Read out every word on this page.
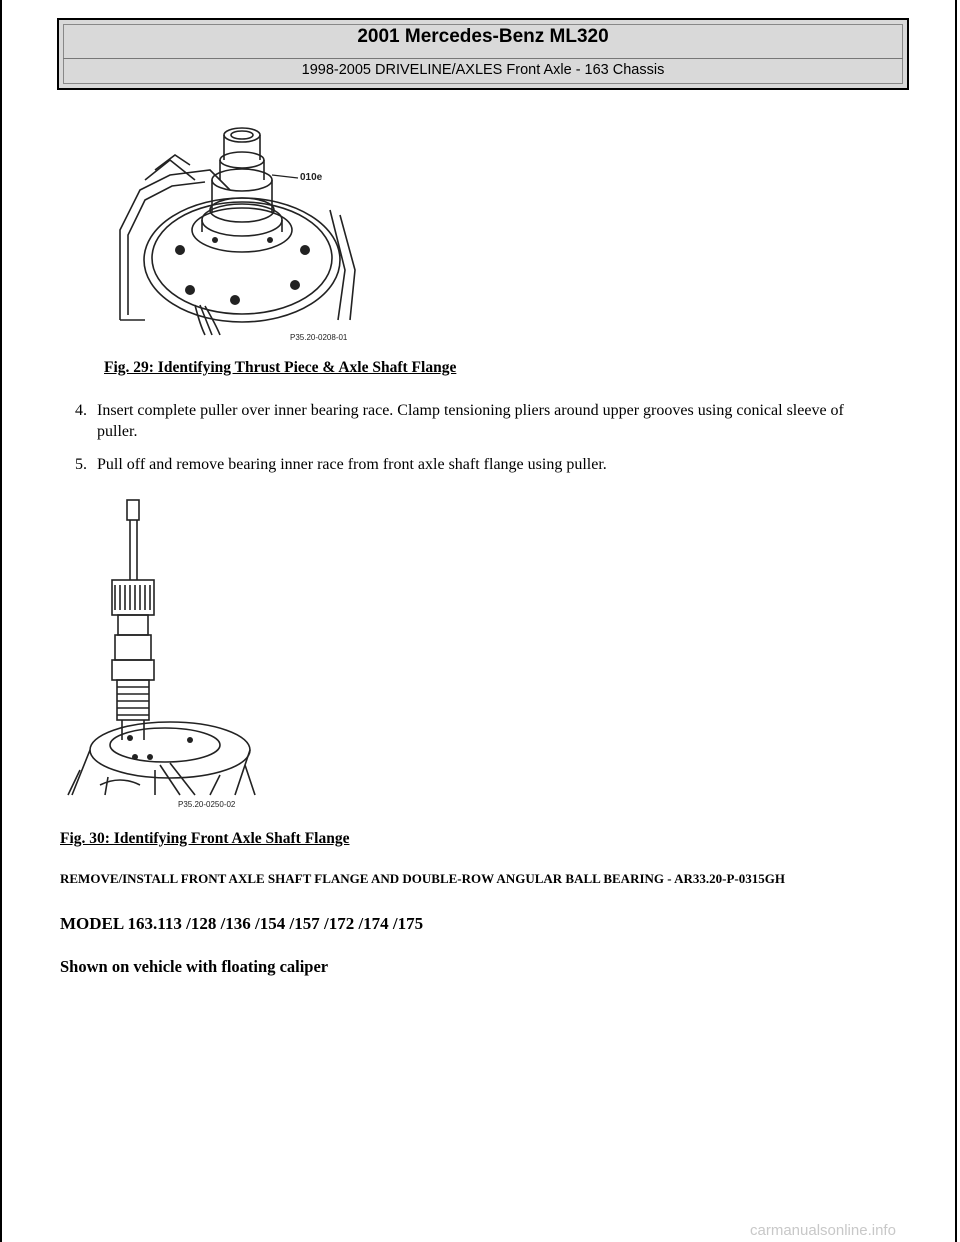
2001 Mercedes-Benz ML320
1998-2005 DRIVELINE/AXLES Front Axle - 163 Chassis
010e
P35.20-0208-01
Fig. 29: Identifying Thrust Piece & Axle Shaft Flange
4. Insert complete puller over inner bearing race. Clamp tensioning pliers around upper grooves using conical sleeve of puller.
5. Pull off and remove bearing inner race from front axle shaft flange using puller.
P35.20-0250-02
Fig. 30: Identifying Front Axle Shaft Flange
REMOVE/INSTALL FRONT AXLE SHAFT FLANGE AND DOUBLE-ROW ANGULAR BALL BEARING - AR33.20-P-0315GH
MODEL 163.113 /128 /136 /154 /157 /172 /174 /175
Shown on vehicle with floating caliper
carmanualsonline.info
